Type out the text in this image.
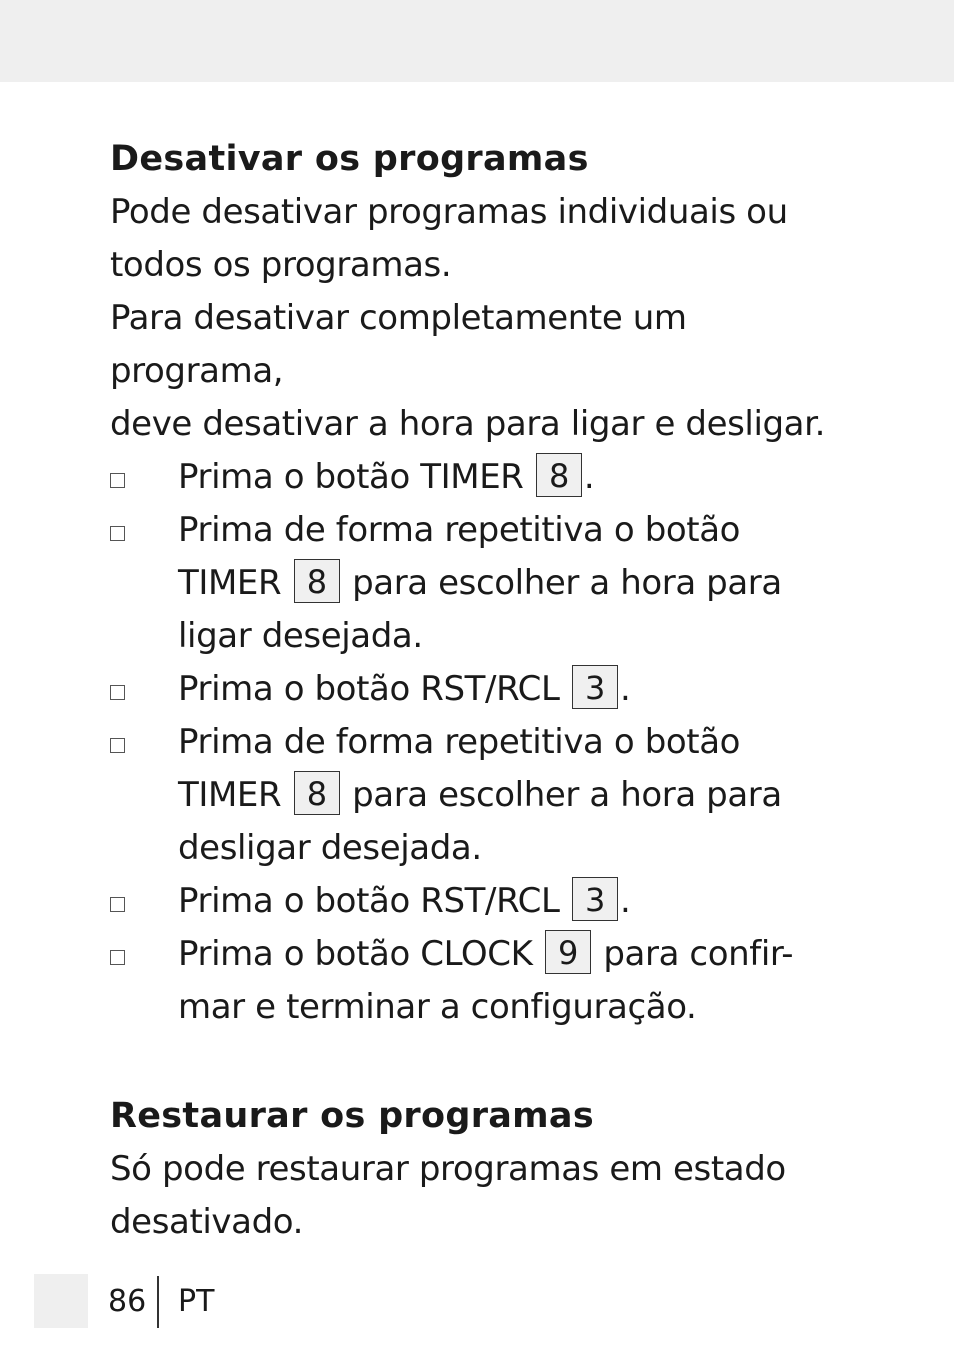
Desativar os programas

Pode desativar programas individuais ou
todos os programas.

Para desativar completamente um programa,
deve desativar a hora para ligar e desligar.

Prima o botão TIMER 8 .
Prima de forma repetitiva o botão
TIMER 8 para escolher a hora para
ligar desejada.
Prima o botão RST/RCL 3 .
Prima de forma repetitiva o botão
TIMER 8 para escolher a hora para
desligar desejada.
Prima o botão RST/RCL 3 .
Prima o botão CLOCK 9 para confir-
mar e terminar a configuração.
Restaurar os programas

Só pode restaurar programas em estado
desativado.

86 PT
